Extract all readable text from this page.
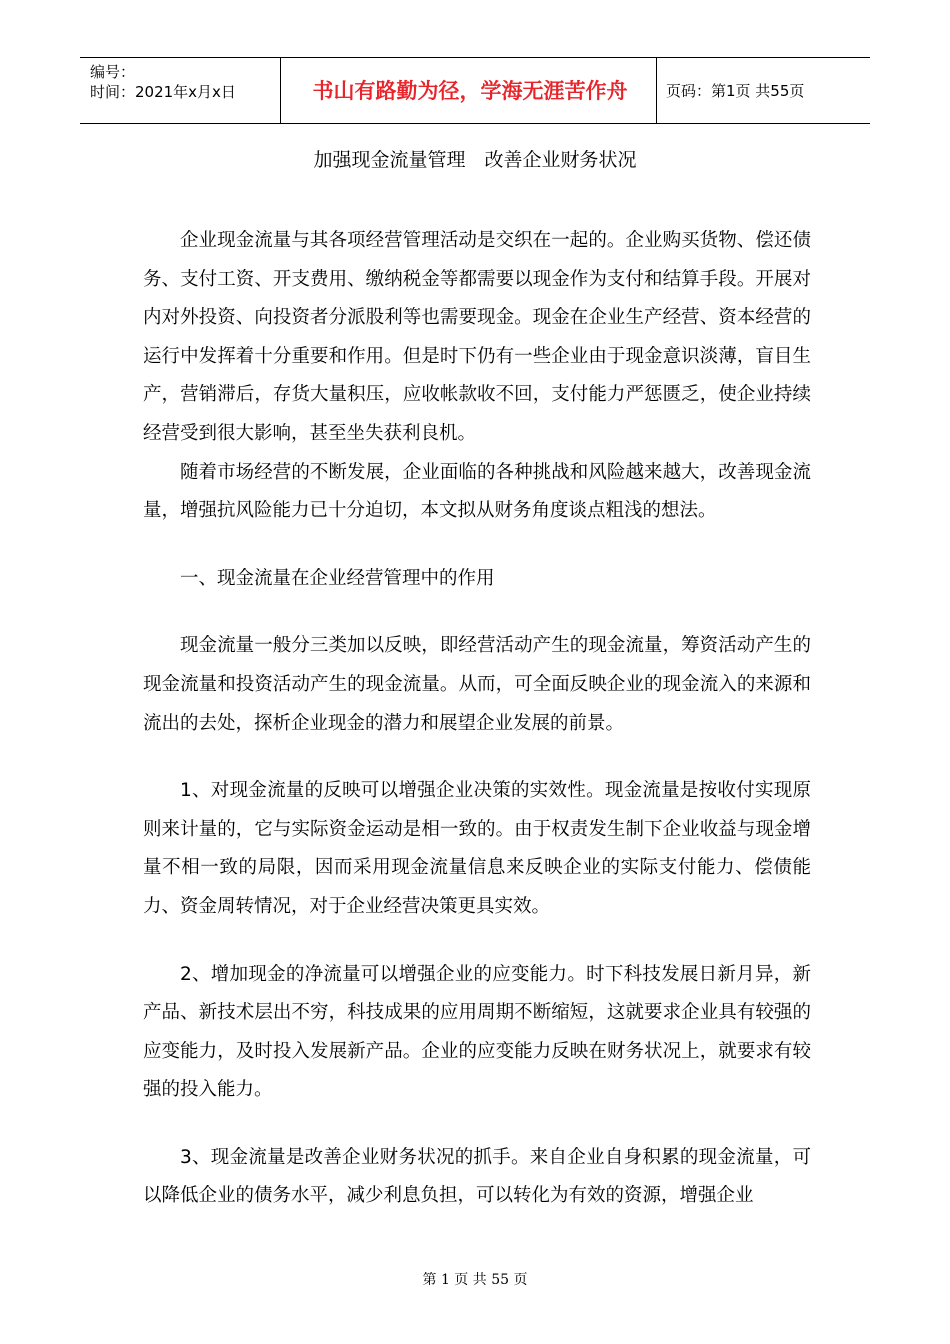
编号：
时间：2021年x月x日	书山有路勤为径，学海无涯苦作舟	页码：第1页 共55页
加强现金流量管理　改善企业财务状况

企业现金流量与其各项经营管理活动是交织在一起的。企业购买货物、偿还债务、支付工资、开支费用、缴纳税金等都需要以现金作为支付和结算手段。开展对内对外投资、向投资者分派股利等也需要现金。现金在企业生产经营、资本经营的运行中发挥着十分重要和作用。但是时下仍有一些企业由于现金意识淡薄，盲目生产，营销滞后，存货大量积压，应收帐款收不回，支付能力严惩匮乏，使企业持续经营受到很大影响，甚至坐失获利良机。

随着市场经营的不断发展，企业面临的各种挑战和风险越来越大，改善现金流量，增强抗风险能力已十分迫切，本文拟从财务角度谈点粗浅的想法。

一、现金流量在企业经营管理中的作用

现金流量一般分三类加以反映，即经营活动产生的现金流量，筹资活动产生的现金流量和投资活动产生的现金流量。从而，可全面反映企业的现金流入的来源和流出的去处，探析企业现金的潜力和展望企业发展的前景。

1、对现金流量的反映可以增强企业决策的实效性。现金流量是按收付实现原则来计量的，它与实际资金运动是相一致的。由于权责发生制下企业收益与现金增量不相一致的局限，因而采用现金流量信息来反映企业的实际支付能力、偿债能力、资金周转情况，对于企业经营决策更具实效。

2、增加现金的净流量可以增强企业的应变能力。时下科技发展日新月异，新产品、新技术层出不穷，科技成果的应用周期不断缩短，这就要求企业具有较强的应变能力，及时投入发展新产品。企业的应变能力反映在财务状况上，就要求有较强的投入能力。

3、现金流量是改善企业财务状况的抓手。来自企业自身积累的现金流量，可以降低企业的债务水平，减少利息负担，可以转化为有效的资源，增强企业

第 1 页 共 55 页
